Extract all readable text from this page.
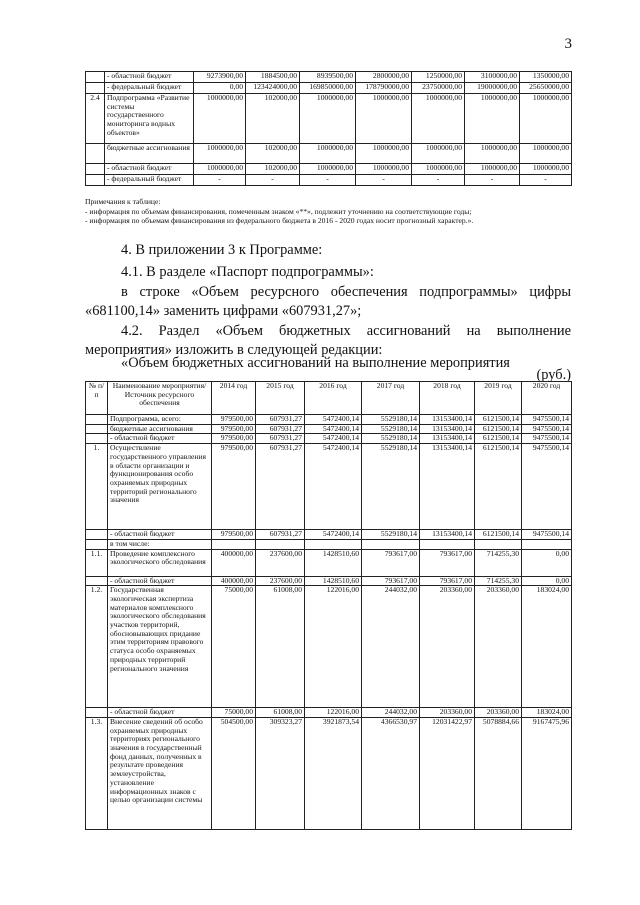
3
	- областной бюджет	9273900,00	1884500,00	8939500,00	2800000,00	1250000,00	3100000,00	1350000,00
	- федеральный бюджет	0,00	123424000,00	169850000,00	178790000,00	23750000,00	19000000,00	25650000,00
2.4	Подпрограмма «Развитие системы государственного мониторинга водных объектов»	1000000,00	102000,00	1000000,00	1000000,00	1000000,00	1000000,00	1000000,00
	бюджетные ассигнования	1000000,00	102000,00	1000000,00	1000000,00	1000000,00	1000000,00	1000000,00
	- областной бюджет	1000000,00	102000,00	1000000,00	1000000,00	1000000,00	1000000,00	1000000,00
	- федеральный бюджет	-	-	-	-	-	-	-
Примечания к таблице:
- информация по объемам финансирования, помеченным знаком «**», подлежит уточнению на соответствующие годы;
- информация по объемам финансирования из федерального бюджета в 2016 - 2020 годах носит прогнозный характер.».
4. В приложении 3 к Программе:
4.1. В разделе «Паспорт подпрограммы»:
в строке «Объем ресурсного обеспечения подпрограммы» цифры
«681100,14» заменить цифрами «607931,27»;
4.2. Раздел «Объем бюджетных ассигнований на выполнение
мероприятия» изложить в следующей редакции:
«Объем бюджетных ассигнований на выполнение мероприятия
(руб.)
№ п/п	Наименование мероприятия/Источник ресурсного обеспечения	2014 год	2015 год	2016 год	2017 год	2018 год	2019 год	2020 год
	Подпрограмма, всего:	979500,00	607931,27	5472400,14	5529180,14	13153400,14	6121500,14	9475500,14
	бюджетные ассигнования	979500,00	607931,27	5472400,14	5529180,14	13153400,14	6121500,14	9475500,14
	- областной бюджет	979500,00	607931,27	5472400,14	5529180,14	13153400,14	6121500,14	9475500,14
1.	Осуществление государственного управления в области организации и функционирования особо охраняемых природных территорий регионального значения	979500,00	607931,27	5472400,14	5529180,14	13153400,14	6121500,14	9475500,14
	- областной бюджет	979500,00	607931,27	5472400,14	5529180,14	13153400,14	6121500,14	9475500,14
	в том числе:							
1.1.	Проведение комплексного экологического обследования	400000,00	237600,00	1428510,60	793617,00	793617,00	714255,30	0,00
	- областной бюджет	400000,00	237600,00	1428510,60	793617,00	793617,00	714255,30	0,00
1.2.	Государственная экологическая экспертиза материалов комплексного экологического обследования участков территорий, обосновывающих придание этим территориям правового статуса особо охраняемых природных территорий регионального значения	75000,00	61008,00	122016,00	244032,00	203360,00	203360,00	183024,00
	- областной бюджет	75000,00	61008,00	122016,00	244032,00	203360,00	203360,00	183024,00
1.3.	Внесение сведений об особо охраняемых природных территориях регионального значения в государственный фонд данных, полученных в результате проведения землеустройства, установление информационных знаков с целью организации системы	504500,00	309323,27	3921873,54	4366530,97	12031422,97	5078884,66	9167475,96
